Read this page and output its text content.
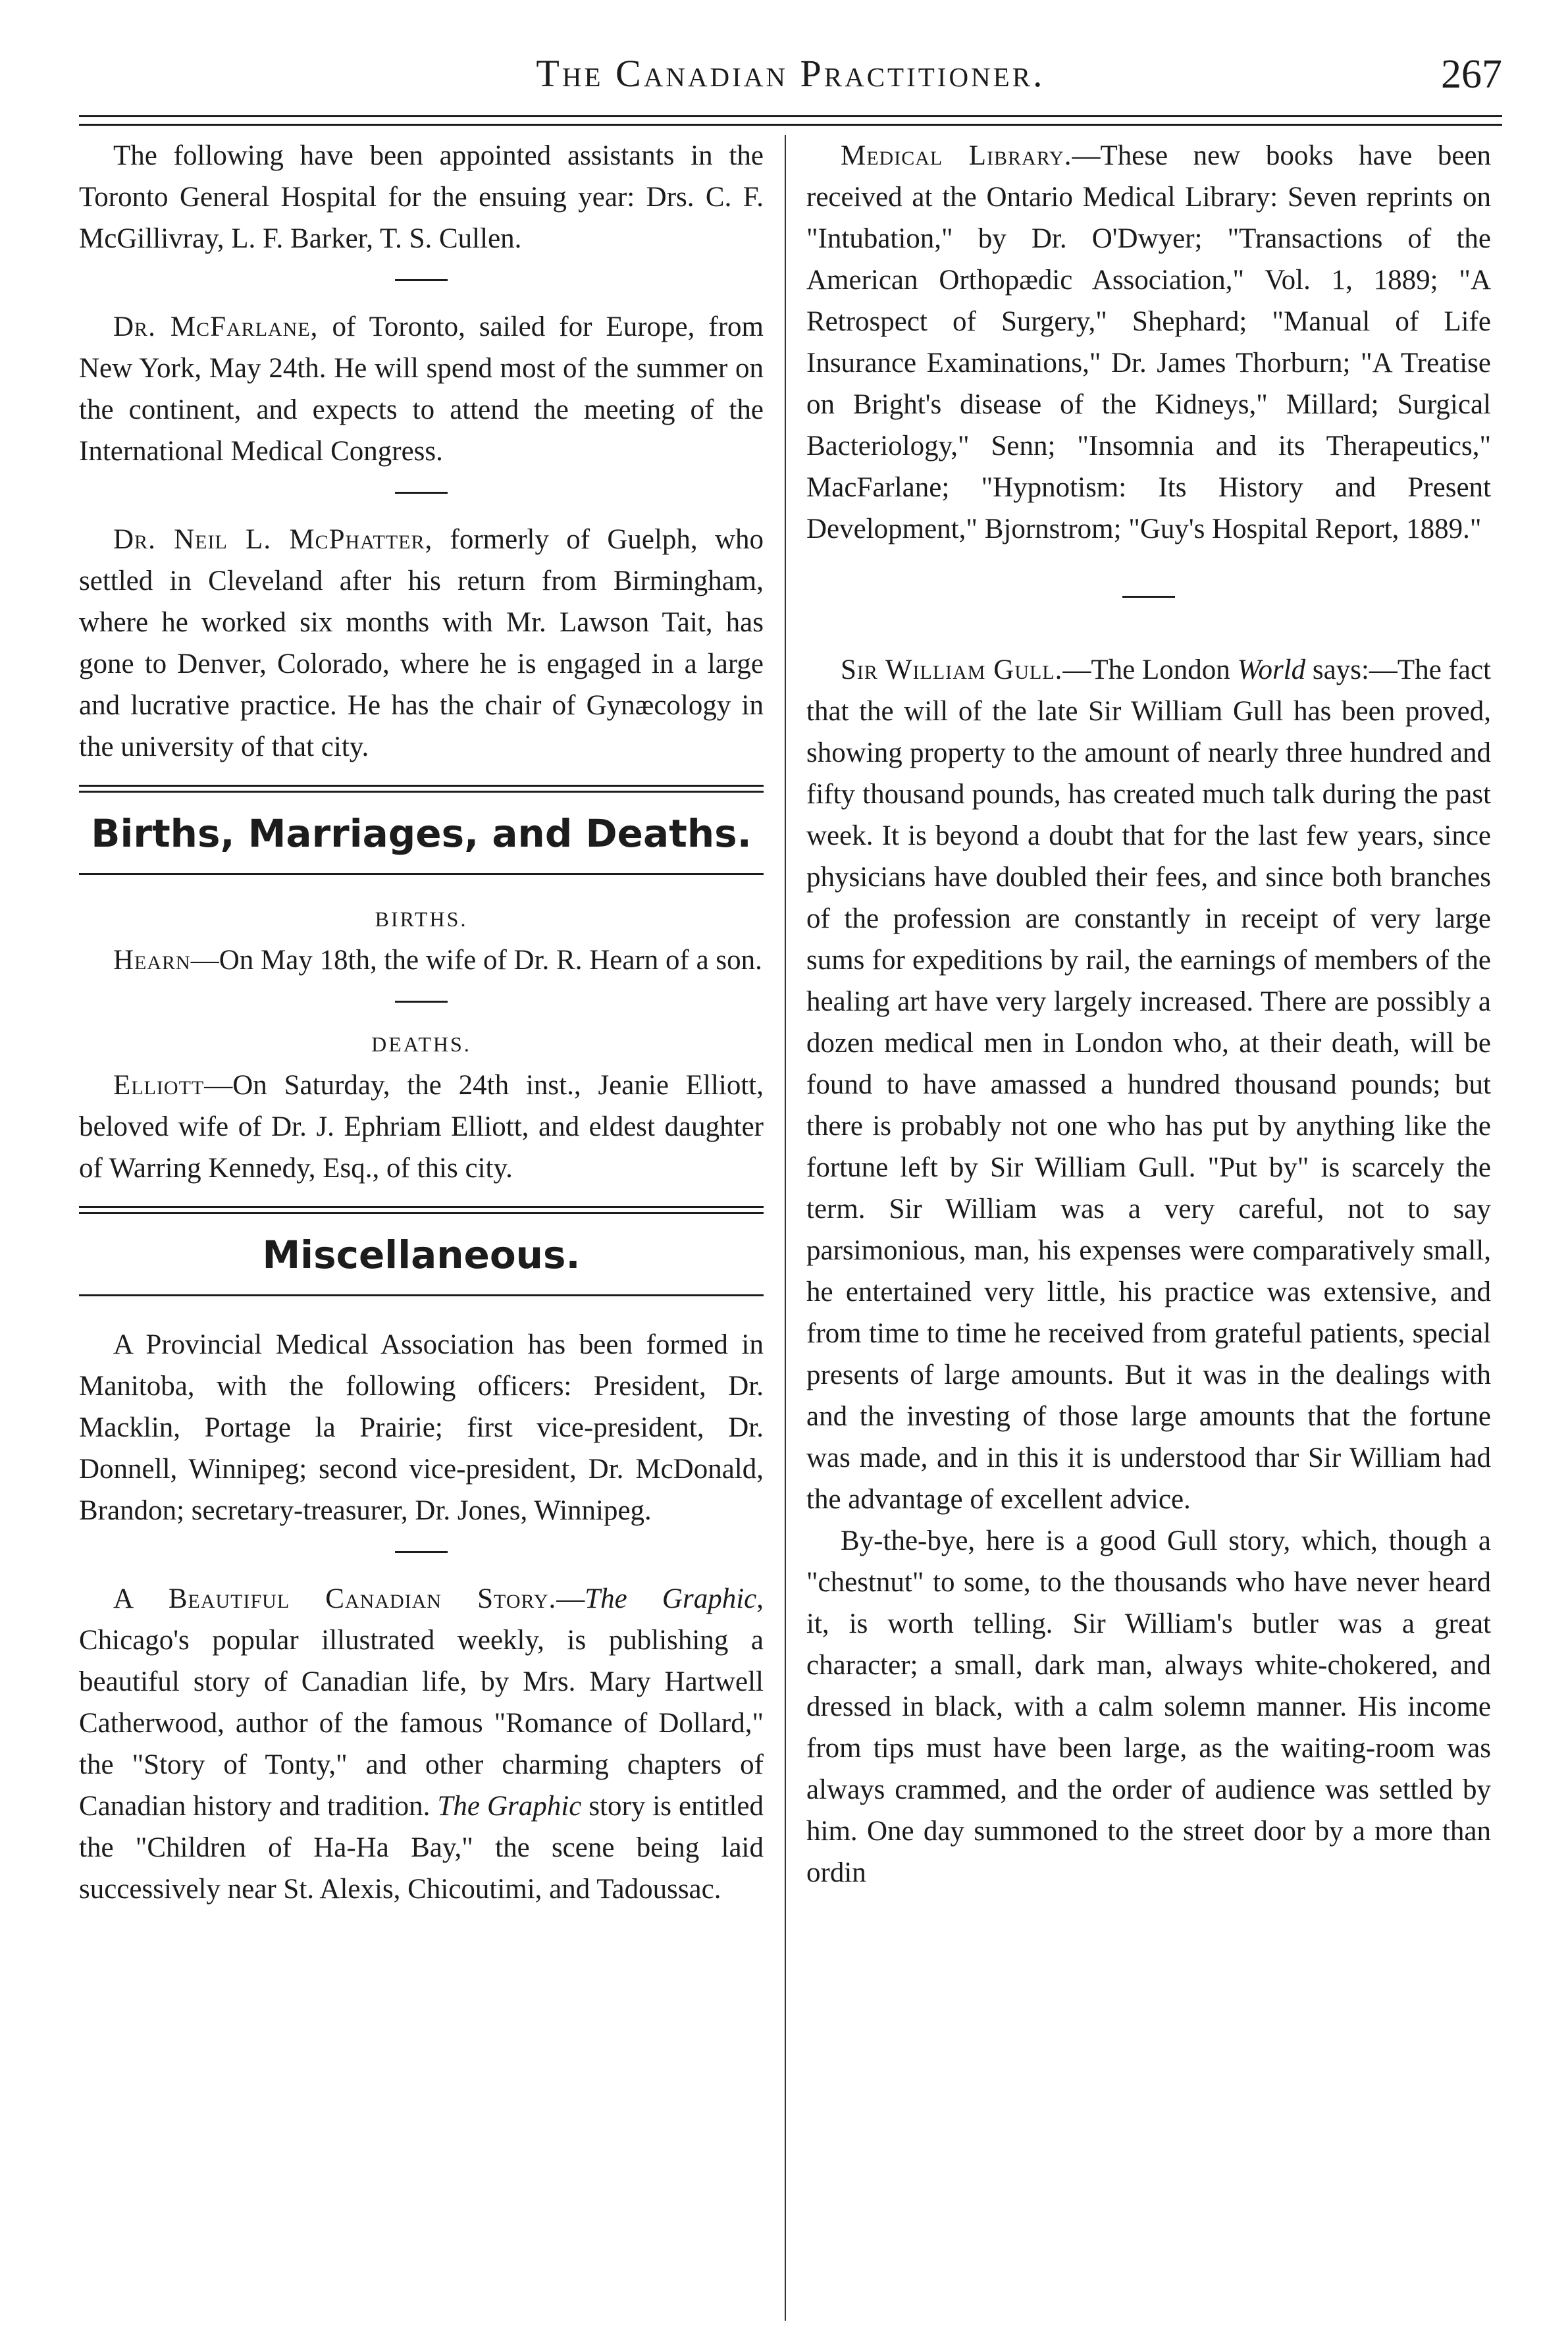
The Canadian Practitioner.	267

The following have been appointed assistants in the Toronto General Hospital for the ensuing year: Drs. C. F. McGillivray, L. F. Barker, T. S. Cullen.

Dr. McFarlane, of Toronto, sailed for Europe, from New York, May 24th. He will spend most of the summer on the continent, and expects to attend the meeting of the International Medical Congress.

Dr. Neil L. McPhatter, formerly of Guelph, who settled in Cleveland after his return from Birmingham, where he worked six months with Mr. Lawson Tait, has gone to Denver, Colorado, where he is engaged in a large and lucrative practice. He has the chair of Gynæcology in the university of that city.

Births, Marriages, and Deaths.
BIRTHS.

Hearn—On May 18th, the wife of Dr. R. Hearn of a son.

DEATHS.

Elliott—On Saturday, the 24th inst., Jeanie Elliott, beloved wife of Dr. J. Ephriam Elliott, and eldest daughter of Warring Kennedy, Esq., of this city.

Miscellaneous.

A Provincial Medical Association has been formed in Manitoba, with the following officers: President, Dr. Macklin, Portage la Prairie; first vice-president, Dr. Donnell, Winnipeg; second vice-president, Dr. McDonald, Brandon; secretary-treasurer, Dr. Jones, Winnipeg.

A Beautiful Canadian Story.—The Graphic, Chicago's popular illustrated weekly, is publishing a beautiful story of Canadian life, by Mrs. Mary Hartwell Catherwood, author of the famous "Romance of Dollard," the "Story of Tonty," and other charming chapters of Canadian history and tradition. The Graphic story is entitled the "Children of Ha-Ha Bay," the scene being laid successively near St. Alexis, Chicoutimi, and Tadoussac.

Medical Library.—These new books have been received at the Ontario Medical Library: Seven reprints on "Intubation," by Dr. O'Dwyer; "Transactions of the American Orthopædic Association," Vol. 1, 1889; "A Retrospect of Surgery," Shephard; "Manual of Life Insurance Examinations," Dr. James Thorburn; "A Treatise on Bright's disease of the Kidneys," Millard; Surgical Bacteriology," Senn; "Insomnia and its Therapeutics," MacFarlane; "Hypnotism: Its History and Present Development," Bjornstrom; "Guy's Hospital Report, 1889."

Sir William Gull.—The London World says:—The fact that the will of the late Sir William Gull has been proved, showing property to the amount of nearly three hundred and fifty thousand pounds, has created much talk during the past week. It is beyond a doubt that for the last few years, since physicians have doubled their fees, and since both branches of the profession are constantly in receipt of very large sums for expeditions by rail, the earnings of members of the healing art have very largely increased. There are possibly a dozen medical men in London who, at their death, will be found to have amassed a hundred thousand pounds; but there is probably not one who has put by anything like the fortune left by Sir William Gull. "Put by" is scarcely the term. Sir William was a very careful, not to say parsimonious, man, his expenses were comparatively small, he entertained very little, his practice was extensive, and from time to time he received from grateful patients, special presents of large amounts. But it was in the dealings with and the investing of those large amounts that the fortune was made, and in this it is understood thar Sir William had the advantage of excellent advice.

By-the-bye, here is a good Gull story, which, though a "chestnut" to some, to the thousands who have never heard it, is worth telling. Sir William's butler was a great character; a small, dark man, always white-chokered, and dressed in black, with a calm solemn manner. His income from tips must have been large, as the waiting-room was always crammed, and the order of audience was settled by him. One day summoned to the street door by a more than ordin
